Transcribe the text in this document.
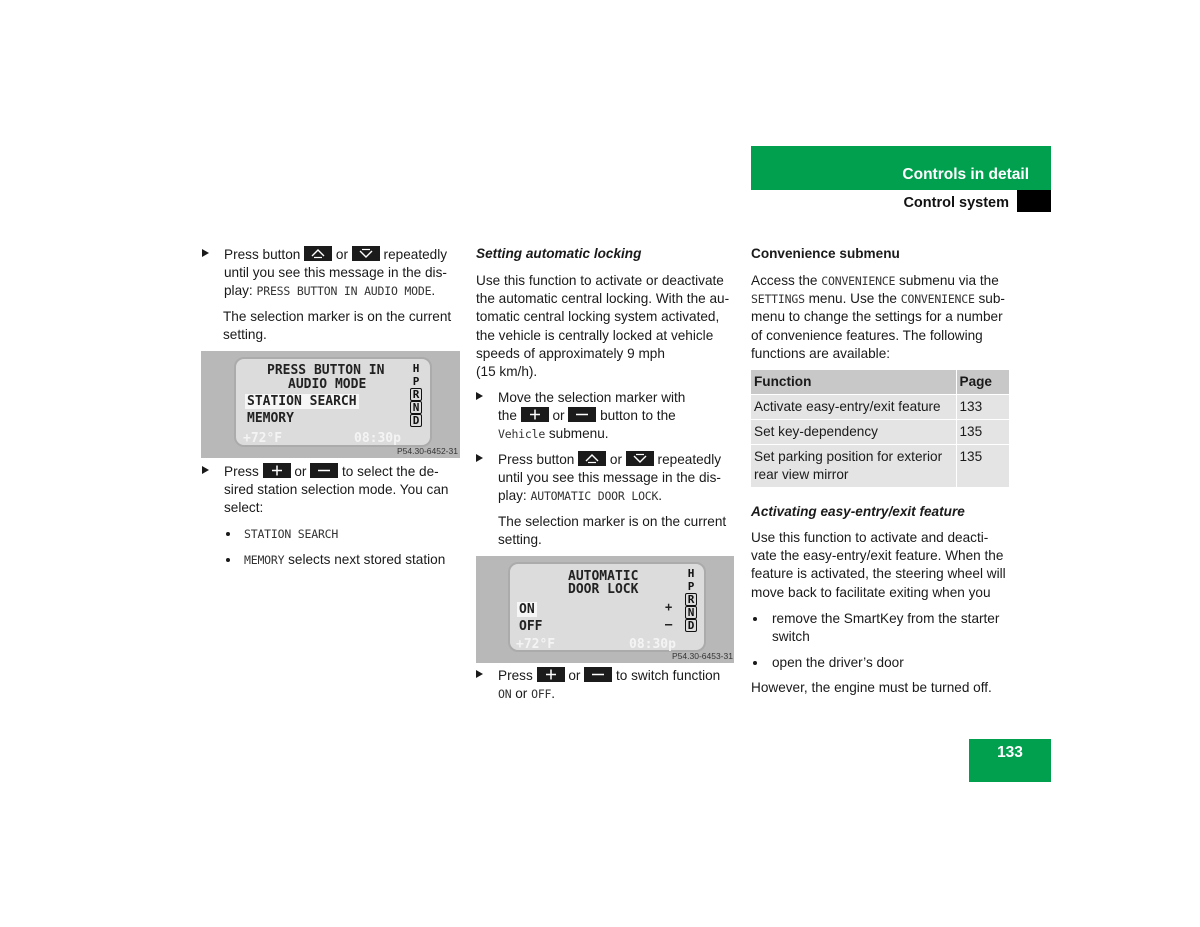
Controls in detail
Control system
Press button	or	repeatedly
until you see this message in the dis-
play: PRESS BUTTON IN AUDIO MODE.
The selection marker is on the current
setting.
PRESS BUTTON IN
AUDIO MODE
STATION SEARCH
MEMORY
+72°F	08:30p
H
P
R
N
D
P54.30-6452-31
Press	or	to select the de-
sired station selection mode. You can
select:
STATION SEARCH
MEMORY selects next stored station
Setting automatic locking
Use this function to activate or deactivate
the automatic central locking. With the au-
tomatic central locking system activated,
the vehicle is centrally locked at vehicle
speeds of approximately 9 mph
(15 km/h).
Move the selection marker with
the	or	button to the
Vehicle submenu.
Press button	or	repeatedly
until you see this message in the dis-
play: AUTOMATIC DOOR LOCK.
The selection marker is on the current
setting.
AUTOMATIC
DOOR LOCK
ON
OFF
+
–
+72°F	08:30p
H
P
R
N
D
P54.30-6453-31
Press	or	to switch function
ON or OFF.
Convenience submenu
Access the CONVENIENCE submenu via the
SETTINGS menu. Use the CONVENIENCE sub-
menu to change the settings for a number
of convenience features. The following
functions are available:
Function	Page
Activate easy-entry/exit feature	133
Set key-dependency	135
Set parking position for exterior rear view mirror	135
Activating easy-entry/exit feature
Use this function to activate and deacti-
vate the easy-entry/exit feature. When the
feature is activated, the steering wheel will
move back to facilitate exiting when you
remove the SmartKey from the starter
switch
open the driver’s door
However, the engine must be turned off.
133
